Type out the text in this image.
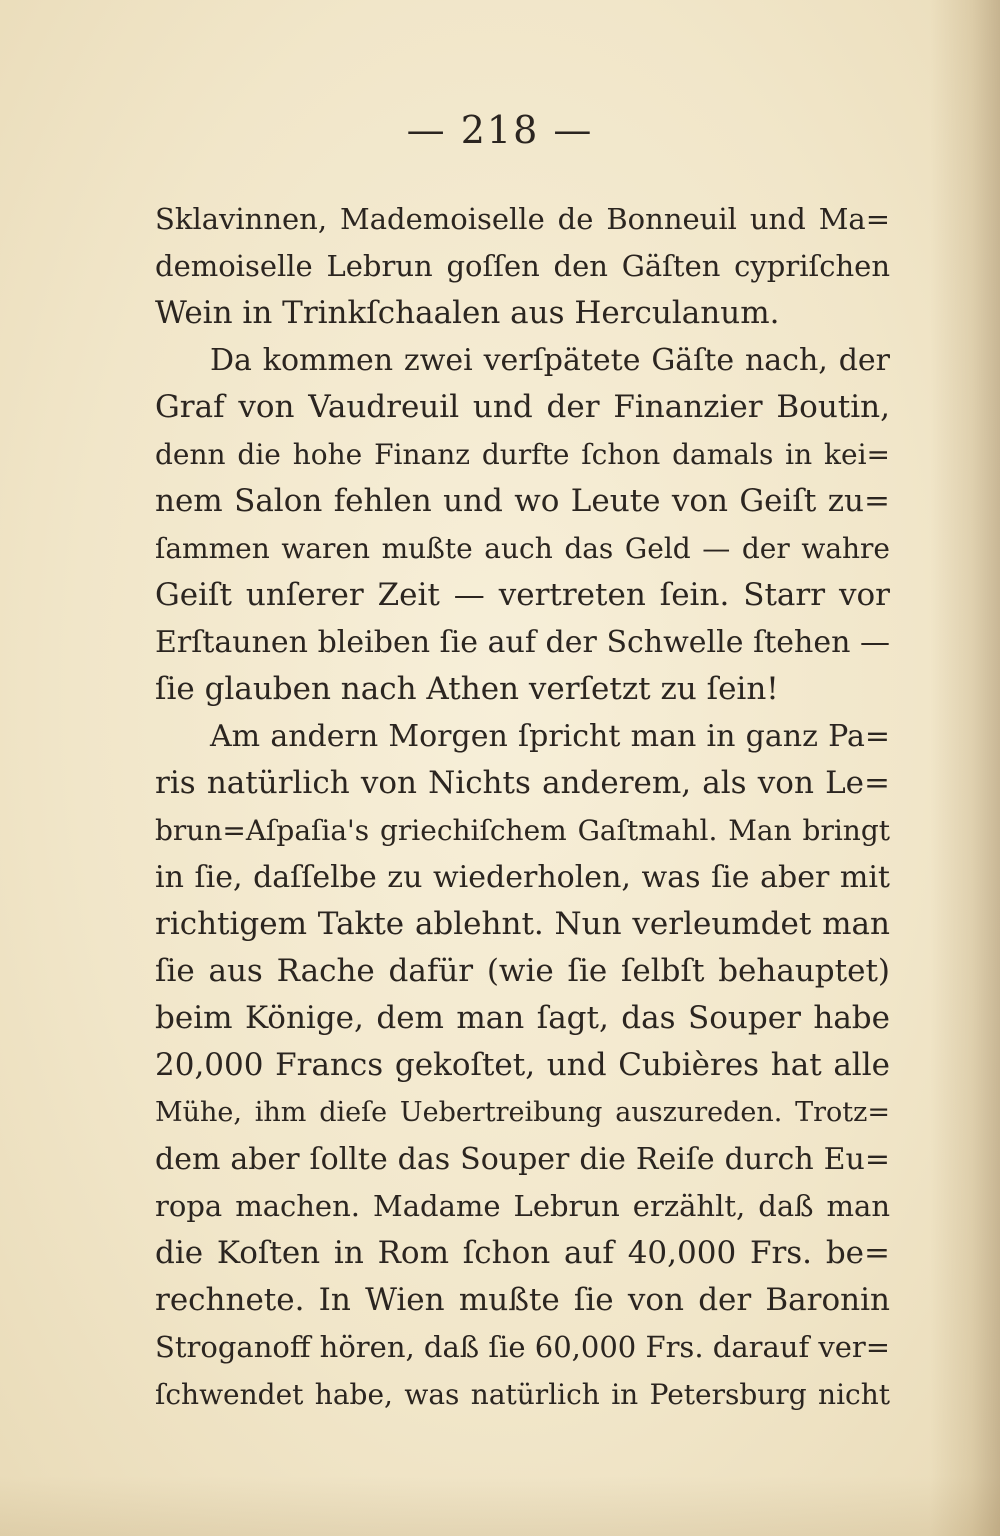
— 218 —
Sklavinnen, Mademoiselle de Bonneuil und Ma=
demoiselle Lebrun goſſen den Gäſten cypriſchen
Wein in Trinkſchaalen aus Herculanum.
Da kommen zwei verſpätete Gäſte nach, der
Graf von Vaudreuil und der Finanzier Boutin,
denn die hohe Finanz durfte ſchon damals in kei=
nem Salon fehlen und wo Leute von Geiſt zu=
ſammen waren mußte auch das Geld — der wahre
Geiſt unſerer Zeit — vertreten ſein. Starr vor
Erſtaunen bleiben ſie auf der Schwelle ſtehen —
ſie glauben nach Athen verſetzt zu ſein!
Am andern Morgen ſpricht man in ganz Pa=
ris natürlich von Nichts anderem, als von Le=
brun=Aſpaſia's griechiſchem Gaſtmahl. Man bringt
in ſie, daſſelbe zu wiederholen, was ſie aber mit
richtigem Takte ablehnt. Nun verleumdet man
ſie aus Rache dafür (wie ſie ſelbſt behauptet)
beim Könige, dem man ſagt, das Souper habe
20,000 Francs gekoſtet, und Cubières hat alle
Mühe, ihm dieſe Uebertreibung auszureden. Trotz=
dem aber ſollte das Souper die Reiſe durch Eu=
ropa machen. Madame Lebrun erzählt, daß man
die Koſten in Rom ſchon auf 40,000 Frs. be=
rechnete. In Wien mußte ſie von der Baronin
Stroganoff hören, daß ſie 60,000 Frs. darauf ver=
ſchwendet habe, was natürlich in Petersburg nicht
